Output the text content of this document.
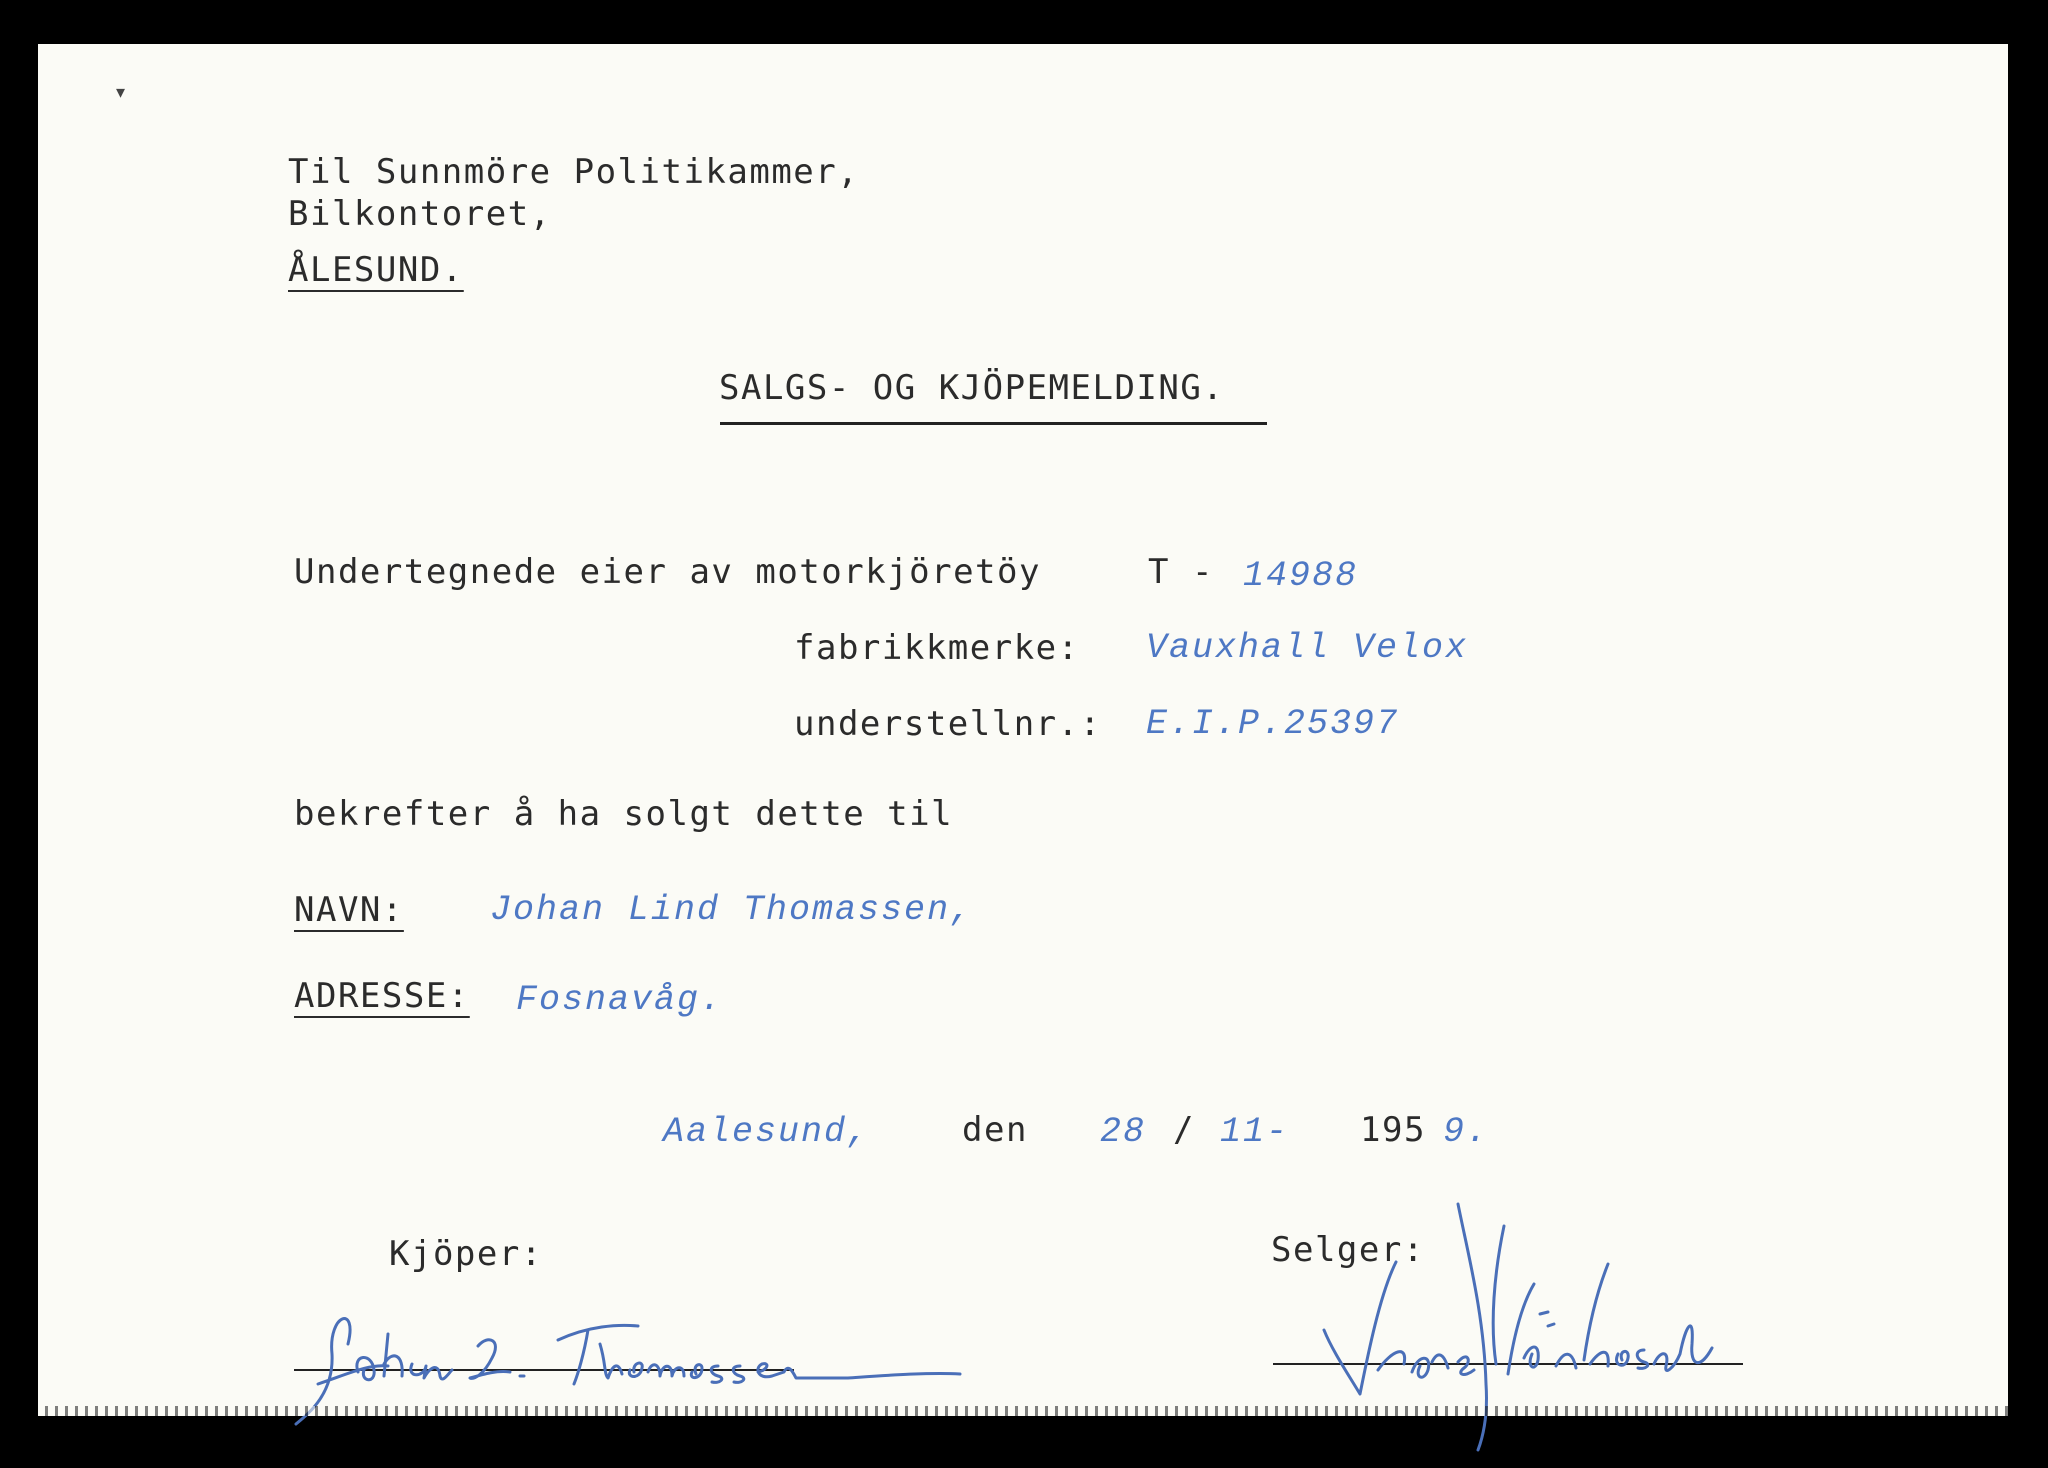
▾

Til Sunnmöre Politikammer,

Bilkontoret,

ÅLESUND.

SALGS- OG KJÖPEMELDING.

Undertegnede eier av motorkjöretöy	T - 14988

fabrikkmerke: Vauxhall Velox

understellnr.: E.I.P.25397

bekrefter å ha solgt dette til

NAVN: Johan Lind Thomassen,

ADRESSE: Fosnavåg.

Aalesund,	den 28 / 11- 195 9.

Kjöper:	Selger:
